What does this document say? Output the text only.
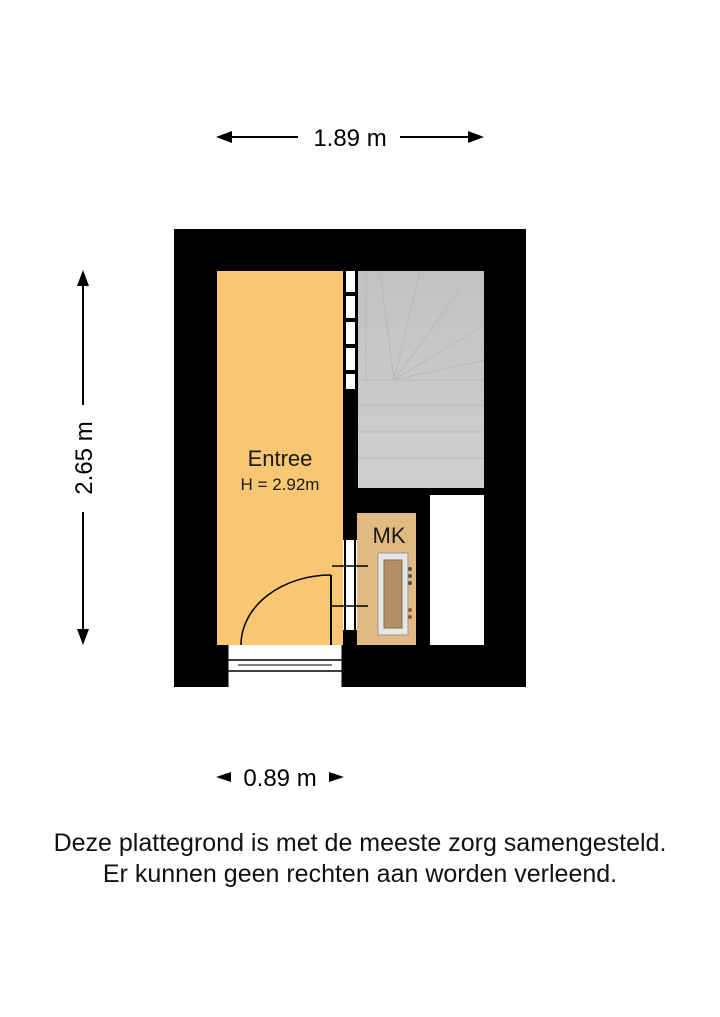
1.89 m
2.65 m	Entree
H = 2.92m
MK
0.89 m
Deze plattegrond is met de meeste zorg samengesteld.
Er kunnen geen rechten aan worden verleend.
